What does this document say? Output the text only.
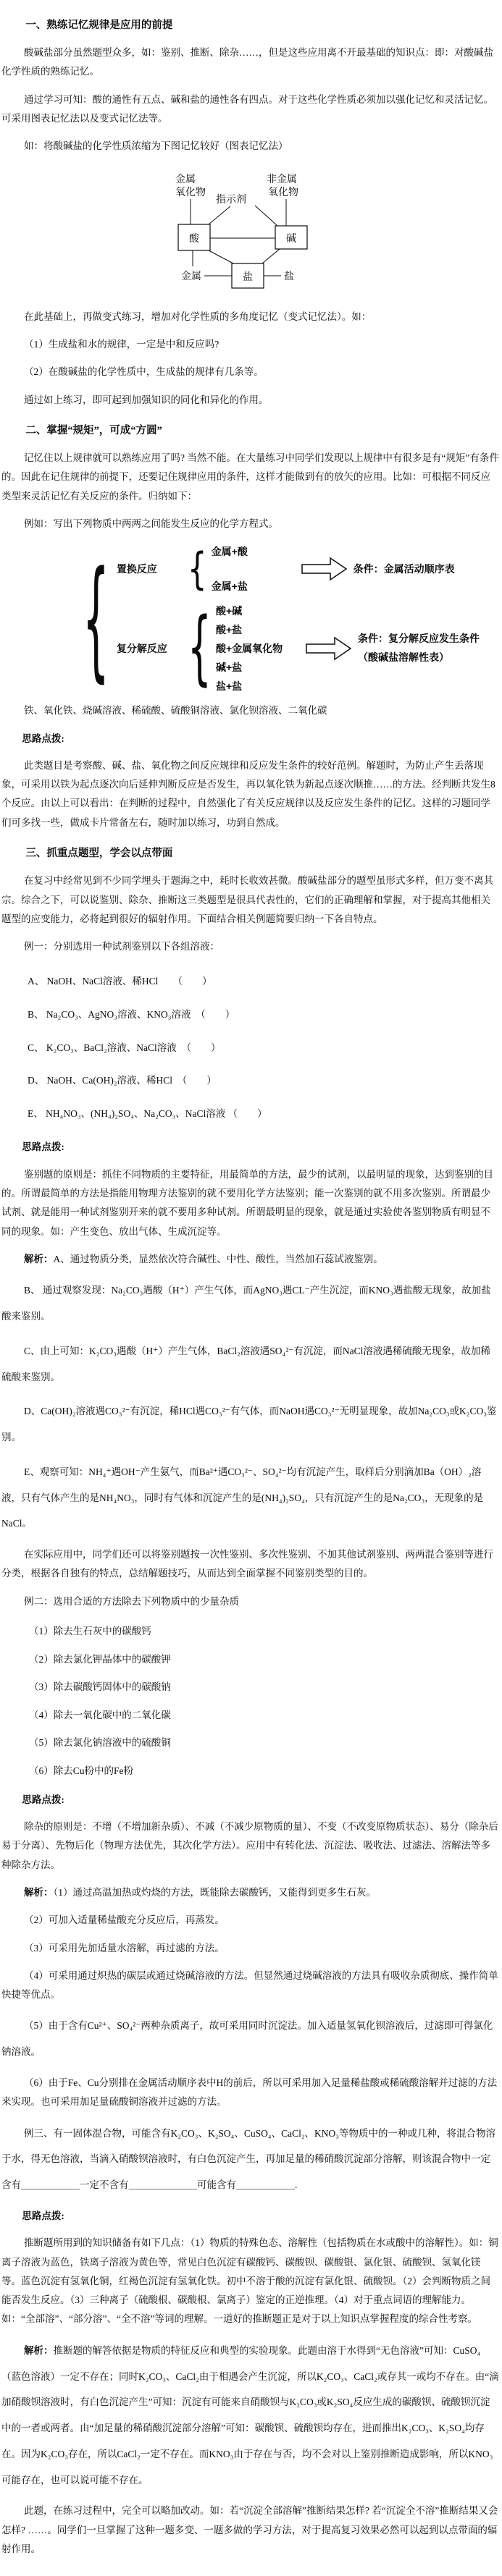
一、熟练记忆规律是应用的前提

酸碱盐部分虽然题型众多，如：鉴别、推断、除杂……，但是这些应用离不开最基础的知识点：即：对酸碱盐化学性质的熟练记忆。

通过学习可知：酸的通性有五点、碱和盐的通性各有四点。对于这些化学性质必须加以强化记忆和灵活记忆。可采用图表记忆法以及变式记忆法等。

如：将酸碱盐的化学性质浓缩为下图记忆较好（图表记忆法）

金属
氧化物
指示剂
非金属
氧化物
酸	碱
盐
金属	盐

在此基础上，再做变式练习，增加对化学性质的多角度记忆（变式记忆法）。如：

（1）生成盐和水的规律，一定是中和反应吗?

（2）在酸碱盐的化学性质中，生成盐的规律有几条等。

通过如上练习，即可起到加强知识的同化和异化的作用。

二、掌握“规矩”，可成“方圆”

记忆住以上规律就可以熟练应用了吗? 当然不能。在大量练习中同学们发现以上规律中有很多是有“规矩”有条件的。因此在记住规律的前提下，还要记住规律应用的条件，这样才能做到有的放矢的应用。比如：可根据不同反应类型来灵活记忆有关反应的条件。归纳如下：

例如：写出下列物质中两两之间能发生反应的化学方程式。

{ 置换反应	{ 金属+酸
金属+盐
条件：金属活动顺序表
复分解反应 { 酸+碱
酸+盐
酸+金属氧化物
碱+盐
盐+盐
条件：复分解反应发生条件
（酸碱盐溶解性表）

铁、氧化铁、烧碱溶液、稀硫酸、硫酸铜溶液、氯化钡溶液、二氧化碳

思路点拨:

此类题目是考察酸、碱、盐、氧化物之间反应规律和反应发生条件的较好范例。解题时，为防止产生丢落现象，可采用以铁为起点逐次向后延伸判断反应是否发生，再以氧化铁为新起点逐次顺推……的方法。经判断共发生8个反应。由以上可以看出：在判断的过程中，自然强化了有关反应规律以及反应发生条件的记忆。这样的习题同学们可多找一些，做成卡片常备左右，随时加以练习，功到自然成。

三、抓重点题型，学会以点带面

在复习中经常见到不少同学埋头于题海之中，耗时长收效甚微。酸碱盐部分的题型虽形式多样，但万变不离其宗。综合之下，可以说鉴别、除杂、推断这三类题型是很具代表性的，它们的正确理解和掌握，对于提高其他相关题型的应变能力，必将起到很好的辐射作用。下面结合相关例题简要归纳一下各自特点。

例一：分别选用一种试剂鉴别以下各组溶液：

A、 NaOH、NaCl溶液、稀HCl　　（　　）

B、 Na₂CO₃、AgNO₃溶液、KNO₃溶液　（　　）

C、 K₂CO₃、BaCl₂溶液、NaCl溶液　（　　）

D、 NaOH、Ca(OH)₂溶液、稀HCl　（　　）

E、 NH₄NO₃、(NH₄)₂SO₄、Na₂CO₃、NaCl溶液 （　　）

思路点拨:

鉴别题的原则是：抓住不同物质的主要特征，用最简单的方法，最少的试剂，以最明显的现象，达到鉴别的目的。所谓最简单的方法是指能用物理方法鉴别的就不要用化学方法鉴别；能一次鉴别的就不用多次鉴别。所谓最少试剂、就是能用一种试剂鉴别开来的就不要用多种试剂。所谓最明显的现象，就是通过实验使各鉴别物质有明显不同的现象。如：产生变色、放出气体、生成沉淀等。

解析：A、通过物质分类，显然依次符合碱性、中性、酸性，当然加石蕊试液鉴别。

B、 通过观察发现：Na₂CO₃遇酸（H⁺）产生气体，而AgNO₃遇CL⁻产生沉淀，而KNO₃遇盐酸无现象，故加盐酸来鉴别。

C、由上可知：K₂CO₃遇酸（H⁺）产生气体，BaCl₂溶液遇SO₄²⁻有沉淀，而NaCl溶液遇稀硫酸无现象，故加稀硫酸来鉴别。

D、Ca(OH)₂溶液遇CO₃²⁻有沉淀，稀HCl遇CO₃²⁻有气体，而NaOH遇CO₃²⁻无明显现象，故加Na₂CO₃或K₂CO₃鉴别。

E、观察可知：NH₄⁺遇OH⁻产生氨气，而Ba²⁺遇CO₃²⁻、SO₄²⁻均有沉淀产生，取样后分别滴加Ba（OH）₂溶液，只有气体产生的是NH₄NO₃，同时有气体和沉淀产生的是(NH₄)₂SO₄，只有沉淀产生的是Na₂CO₃，无现象的是NaCl。

在实际应用中，同学们还可以将鉴别题按一次性鉴别、多次性鉴别、不加其他试剂鉴别、两两混合鉴别等进行分类，根据各自独有的特点，总结解题技巧，从而达到全面掌握不同鉴别类型的目的。

例二：选用合适的方法除去下列物质中的少量杂质

（1）除去生石灰中的碳酸钙

（2）除去氯化钾晶体中的碳酸钾

（3）除去碳酸钙固体中的碳酸钠

（4）除去一氧化碳中的二氧化碳

（5）除去氯化钠溶液中的硫酸铜

（6）除去Cu粉中的Fe粉

思路点拨:

除杂的原则是：不增（不增加新杂质）、不减（不减少原物质的量）、不变（不改变原物质状态）、易分（除杂后易于分离）、先物后化（物理方法优先，其次化学方法）。应用中有转化法、沉淀法、吸收法、过滤法、溶解法等多种除杂方法。

解析：（1）通过高温加热或灼烧的方法，既能除去碳酸钙，又能得到更多生石灰。

（2）可加入适量稀盐酸充分反应后，再蒸发。

（3）可采用先加适量水溶解，再过滤的方法。

（4）可采用通过炽热的碳层或通过烧碱溶液的方法。但显然通过烧碱溶液的方法具有吸收杂质彻底、操作简单快捷等优点。

（5）由于含有Cu²⁺、SO₄²⁻两种杂质离子，故可采用同时沉淀法。加入适量氢氧化钡溶液后，过滤即可得氯化钠溶液。

（6）由于Fe、Cu分别排在金属活动顺序表中H的前后，所以可采用加入足量稀盐酸或稀硫酸溶解并过滤的方法来实现。也可采用加足量硫酸铜溶液并过滤的方法。

例三、有一固体混合物，可能含有K₂CO₃、K₂SO₄、CuSO₄、CaCl₂、KNO₃等物质中的一种或几种，将混合物溶于水，得无色溶液，当滴入硝酸钡溶液时，有白色沉淀产生，再加足量的稀硝酸沉淀部分溶解，则该混合物中一定含有＿＿＿＿＿＿一定不含有＿＿＿＿＿＿＿可能含有＿＿＿＿＿＿.

思路点拨:

推断题所用到的知识储备有如下几点：（1）物质的特殊色态、溶解性（包括物质在水或酸中的溶解性）。如：铜离子溶液为蓝色，铁离子溶液为黄色等，常见白色沉淀有碳酸钙、碳酸钡、碳酸银、氯化银、硫酸钡、氢氧化镁等。蓝色沉淀有氢氧化铜，红褐色沉淀有氢氧化铁。初中不溶于酸的沉淀有氯化银、硫酸钡。（2）会判断物质之间能否发生反应。（3）三种离子（硫酸根、碳酸根、氯离子）鉴定的正逆推理。（4）对于重点词语的理解能力。如：“全部溶”、“部分溶”、“全不溶”等词的理解。一道好的推断题正是对于以上知识点掌握程度的综合性考察。

解析：推断题的解答依据是物质的特征反应和典型的实验现象。此题由溶于水得到“无色溶液”可知：CuSO₄（蓝色溶液）一定不存在；同时K₂CO₃、CaCl₂由于相遇会产生沉淀，所以K₂CO₃、CaCl₂或存其一或均不存在。由“滴加硝酸钡溶液时，有白色沉淀产生”可知：沉淀有可能来自硝酸钡与K₂CO₃或K₂SO₄反应生成的碳酸钡、硫酸钡沉淀中的一者或两者。由“加足量的稀硝酸沉淀部分溶解”可知：碳酸钡、硫酸钡均存在，进而推出K₂CO₃、K₂SO₄均存在。因为K₂CO₃存在，所以CaCl₂一定不存在。而KNO₃由于存在与否，均不会对以上鉴别推断造成影响，所以KNO₃可能存在，也可以说可能不存在。

此题，在练习过程中，完全可以略加改动。如：若“沉淀全部溶解”推断结果怎样? 若“沉淀全不溶”推断结果又会怎样? ……。同学们一旦掌握了这种一题多变、一题多做的学习方法，对于提高复习效果必然可以起到以点带面的辐射作用。
